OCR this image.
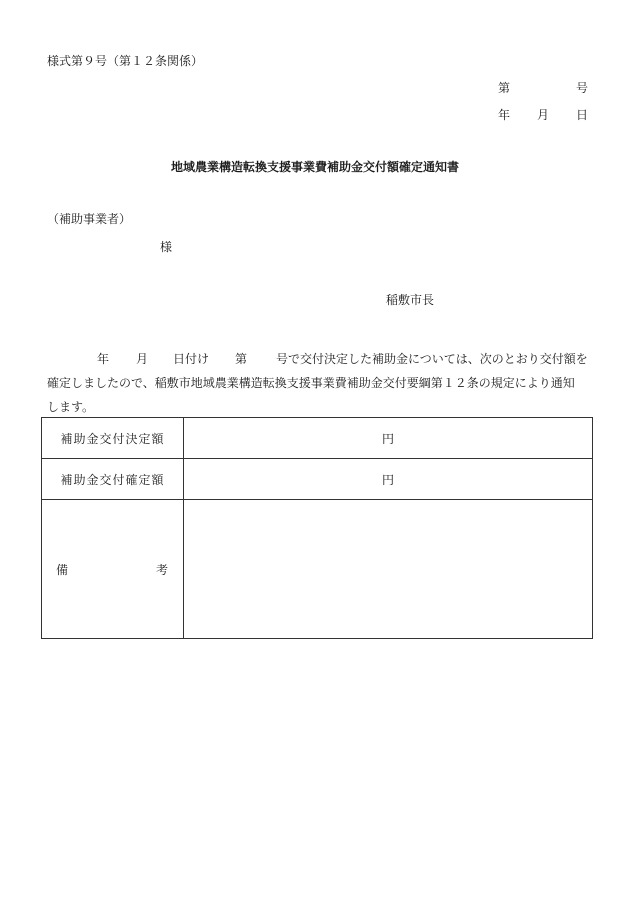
様式第９号（第１２条関係）
第	号
年 月 日
地域農業構造転換支援事業費補助金交付額確定通知書
（補助事業者）
様
稲敷市長
年 月 日付け 第 号で交付決定した補助金については、次のとおり交付額を
確定しましたので、稲敷市地域農業構造転換支援事業費補助金交付要綱第１２条の規定により通知
します。
補助金交付決定額	円
補助金交付確定額	円

備 考	
